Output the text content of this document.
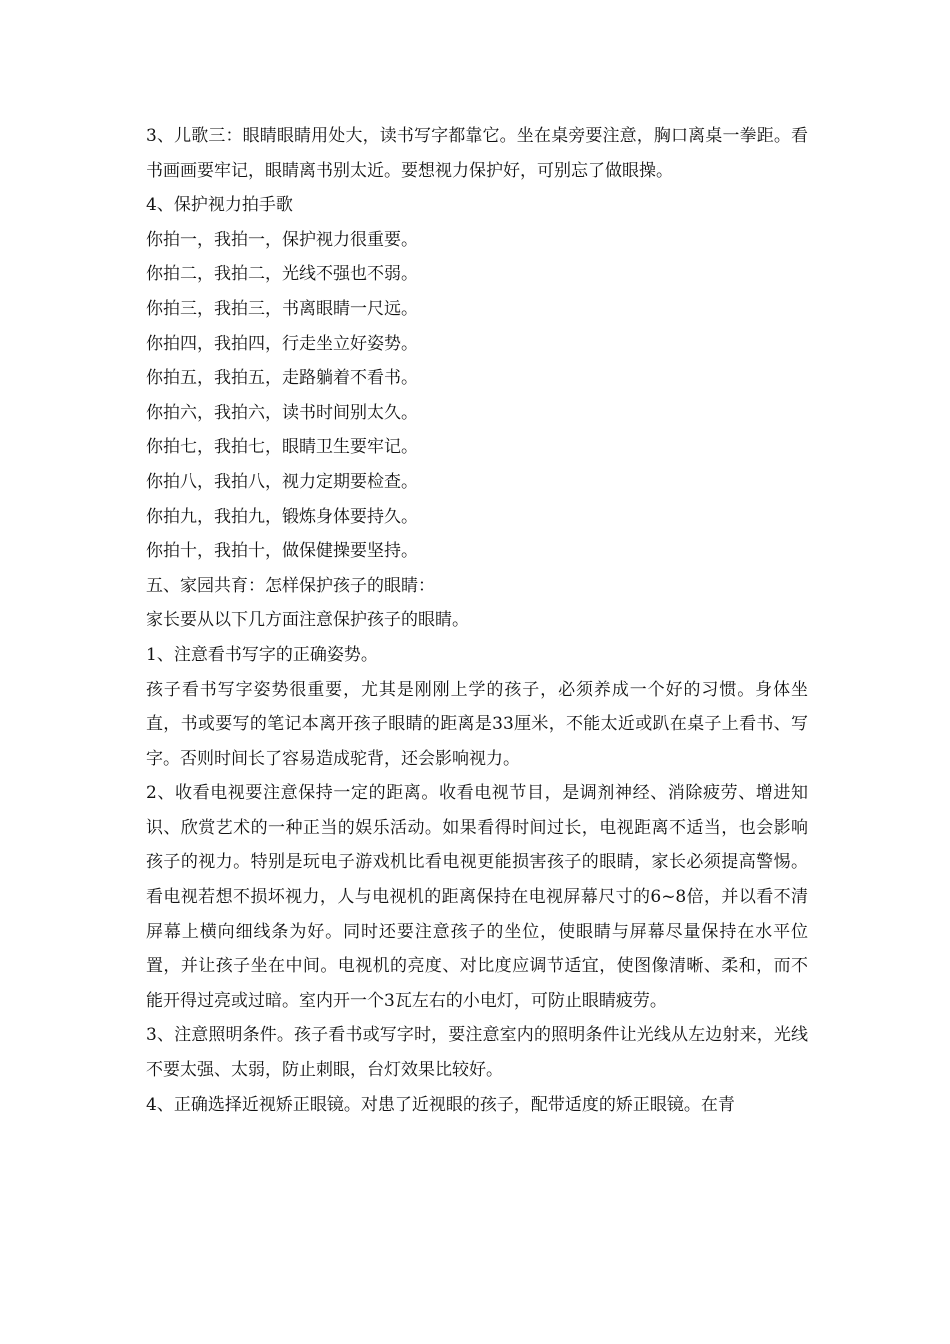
3、儿歌三：眼睛眼睛用处大，读书写字都靠它。坐在桌旁要注意，胸口离桌一拳距。看书画画要牢记，眼睛离书别太近。要想视力保护好，可别忘了做眼操。

4、保护视力拍手歌

你拍一，我拍一，保护视力很重要。

你拍二，我拍二，光线不强也不弱。

你拍三，我拍三，书离眼睛一尺远。

你拍四，我拍四，行走坐立好姿势。

你拍五，我拍五，走路躺着不看书。

你拍六，我拍六，读书时间别太久。

你拍七，我拍七，眼睛卫生要牢记。

你拍八，我拍八，视力定期要检查。

你拍九，我拍九，锻炼身体要持久。

你拍十，我拍十，做保健操要坚持。

五、家园共育：怎样保护孩子的眼睛：

家长要从以下几方面注意保护孩子的眼睛。

1、注意看书写字的正确姿势。

孩子看书写字姿势很重要，尤其是刚刚上学的孩子，必须养成一个好的习惯。身体坐直，书或要写的笔记本离开孩子眼睛的距离是33厘米，不能太近或趴在桌子上看书、写字。否则时间长了容易造成驼背，还会影响视力。

2、收看电视要注意保持一定的距离。收看电视节目，是调剂神经、消除疲劳、增进知识、欣赏艺术的一种正当的娱乐活动。如果看得时间过长，电视距离不适当，也会影响孩子的视力。特别是玩电子游戏机比看电视更能损害孩子的眼睛，家长必须提高警惕。看电视若想不损坏视力，人与电视机的距离保持在电视屏幕尺寸的6~8倍，并以看不清屏幕上横向细线条为好。同时还要注意孩子的坐位，使眼睛与屏幕尽量保持在水平位置，并让孩子坐在中间。电视机的亮度、对比度应调节适宜，使图像清晰、柔和，而不能开得过亮或过暗。室内开一个3瓦左右的小电灯，可防止眼睛疲劳。

3、注意照明条件。孩子看书或写字时，要注意室内的照明条件让光线从左边射来，光线不要太强、太弱，防止刺眼，台灯效果比较好。

4、正确选择近视矫正眼镜。对患了近视眼的孩子，配带适度的矫正眼镜。在青
